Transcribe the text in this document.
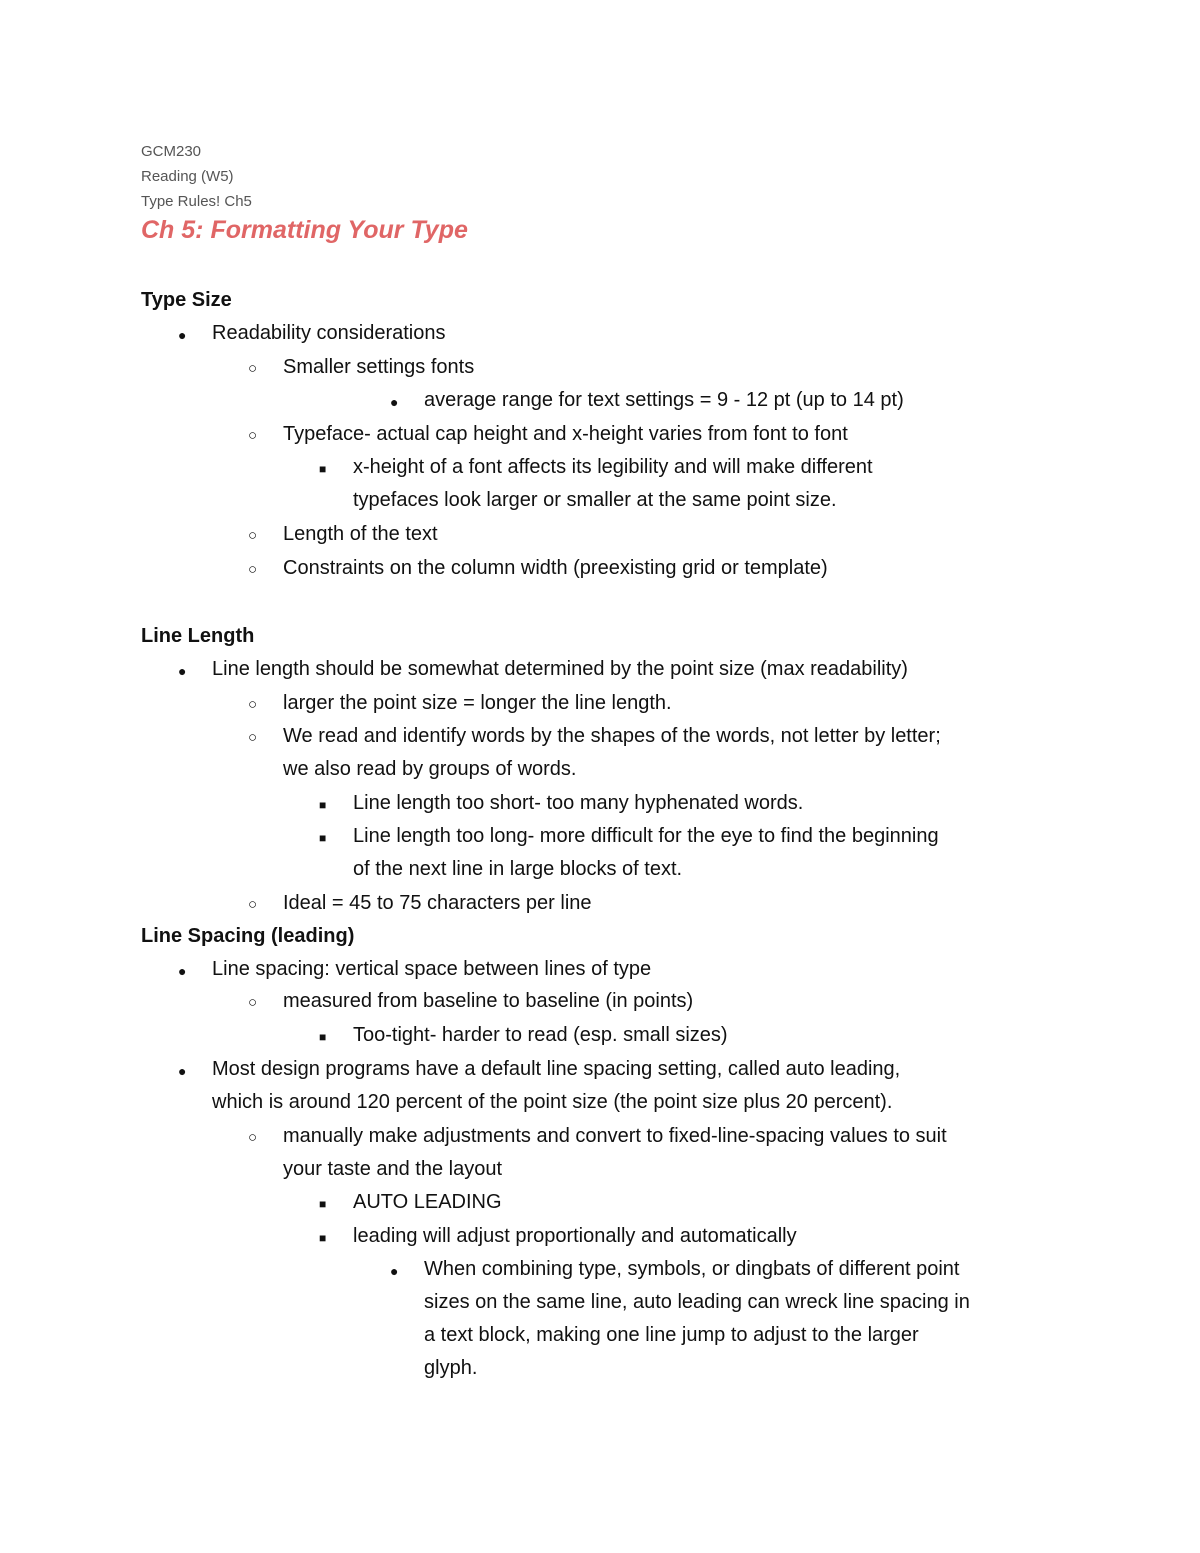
GCM230
Reading (W5)
Type Rules! Ch5
Ch 5: Formatting Your Type
Type Size
● Readability considerations
○ Smaller settings fonts
● average range for text settings = 9 - 12 pt (up to 14 pt)
○ Typeface- actual cap height and x-height varies from font to font
■ x-height of a font affects its legibility and will make different
typefaces look larger or smaller at the same point size.
○ Length of the text
○ Constraints on the column width (preexisting grid or template)
Line Length
● Line length should be somewhat determined by the point size (max readability)
○ larger the point size = longer the line length.
○ We read and identify words by the shapes of the words, not letter by letter;
we also read by groups of words.
■ Line length too short- too many hyphenated words.
■ Line length too long- more difficult for the eye to find the beginning
of the next line in large blocks of text.
○ Ideal = 45 to 75 characters per line
Line Spacing (leading)
● Line spacing: vertical space between lines of type
○ measured from baseline to baseline (in points)
■ Too-tight- harder to read (esp. small sizes)
● Most design programs have a default line spacing setting, called auto leading,
which is around 120 percent of the point size (the point size plus 20 percent).
○ manually make adjustments and convert to fixed-line-spacing values to suit
your taste and the layout
■ AUTO LEADING
■ leading will adjust proportionally and automatically
● When combining type, symbols, or dingbats of different point
sizes on the same line, auto leading can wreck line spacing in
a text block, making one line jump to adjust to the larger
glyph.
